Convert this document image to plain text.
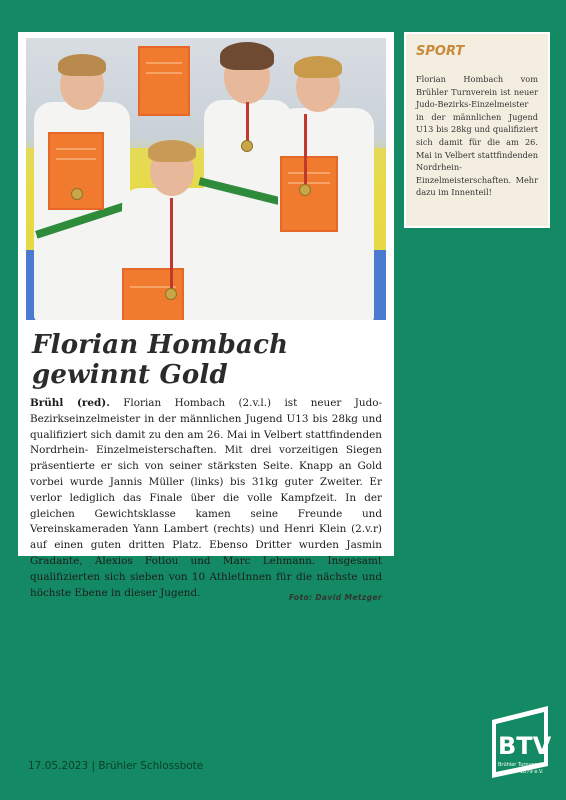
Florian Hombach gewinnt Gold

Brühl (red). Florian Hombach (2.v.l.) ist neuer Judo-Bezirkseinzelmeister in der männlichen Jugend U13 bis 28kg und qualifiziert sich damit zu den am 26. Mai in Velbert stattfindenden Nordrhein- Einzelmeisterschaften. Mit drei vorzeitigen Siegen präsentierte er sich von seiner stärksten Seite. Knapp an Gold vorbei wurde Jannis Müller (links) bis 31kg guter Zweiter. Er verlor lediglich das Finale über die volle Kampfzeit. In der gleichen Gewichtsklasse kamen seine Freunde und Vereinskameraden Yann Lambert (rechts) und Henri Klein (2.v.r) auf einen guten dritten Platz. Ebenso Dritter wurden Jasmin Gradante, Alexios Fotiou und Marc Lehmann. Insgesamt qualifizierten sich sieben von 10 AthletInnen für die nächste und höchste Ebene in dieser Jugend.	Foto: David Metzger

SPORT

Florian Hombach vom Brühler Turnverein ist neuer Judo-Bezirks-Einzelmeister in der männlichen Jugend U13 bis 28kg und qualifiziert sich damit für die am 26. Mai in Velbert stattfindenden Nordrhein-Einzelmeisterschaften. Mehr dazu im Innenteil!

17.05.2023 | Brühler Schlossbote
BTV
Brühler Turnverein
1879 e.V.
